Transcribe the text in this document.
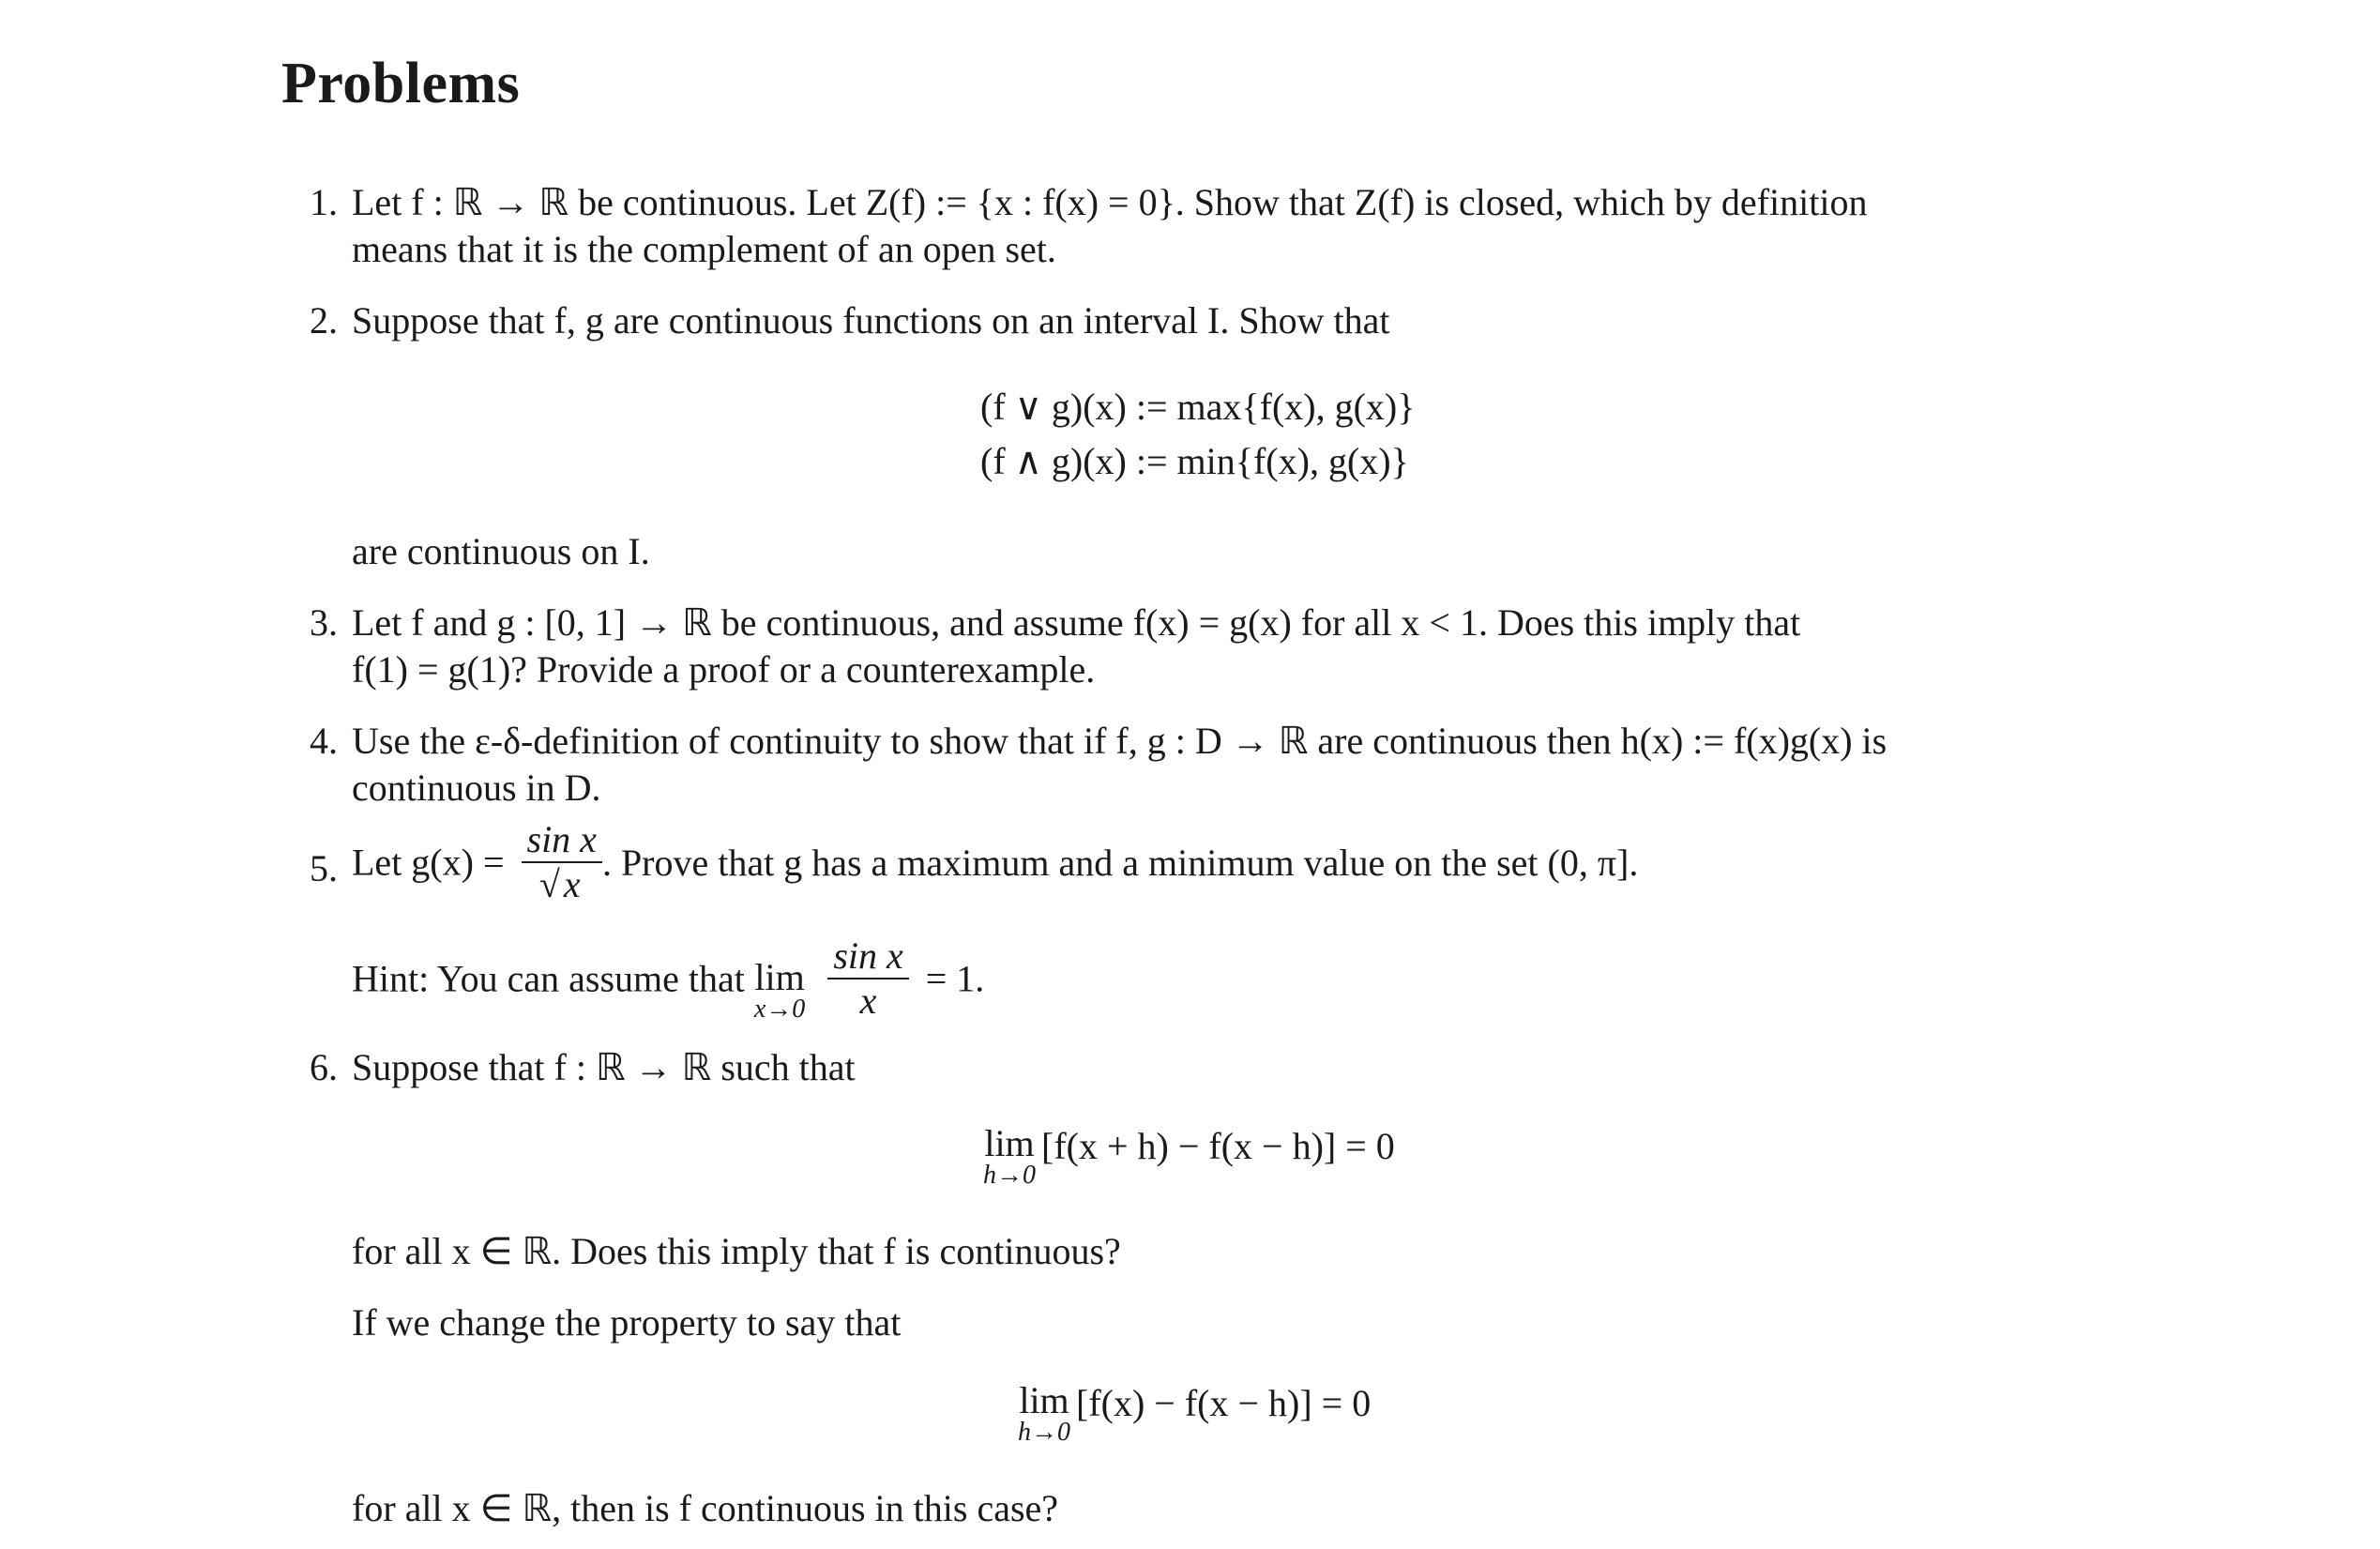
Problems
1. Let f : ℝ → ℝ be continuous. Let Z(f) := {x : f(x) = 0}. Show that Z(f) is closed, which by definition
means that it is the complement of an open set.
2. Suppose that f, g are continuous functions on an interval I. Show that
(f ∨ g)(x) := max{f(x), g(x)}
(f ∧ g)(x) := min{f(x), g(x)}
are continuous on I.
3. Let f and g : [0, 1] → ℝ be continuous, and assume f(x) = g(x) for all x < 1. Does this imply that
f(1) = g(1)? Provide a proof or a counterexample.
4. Use the ε-δ-definition of continuity to show that if f, g : D → ℝ are continuous then h(x) := f(x)g(x) is
continuous in D.
5. Let $g(x) = \frac{\text{sin x}}{√ x}$ . Prove that g has a maximum and a minimum value on the set (0, π].
Hint: You can assume that lim
x→0
$\frac{\text{sin x}}{x} = 1$.
6. Suppose that f : ℝ → ℝ such that
lim
h→0
[f(x + h) − f(x − h)] = 0
for all x ∈ ℝ. Does this imply that f is continuous?
If we change the property to say that
lim
h→0
[f(x) − f(x − h)] = 0
for all x ∈ ℝ, then is f continuous in this case?
